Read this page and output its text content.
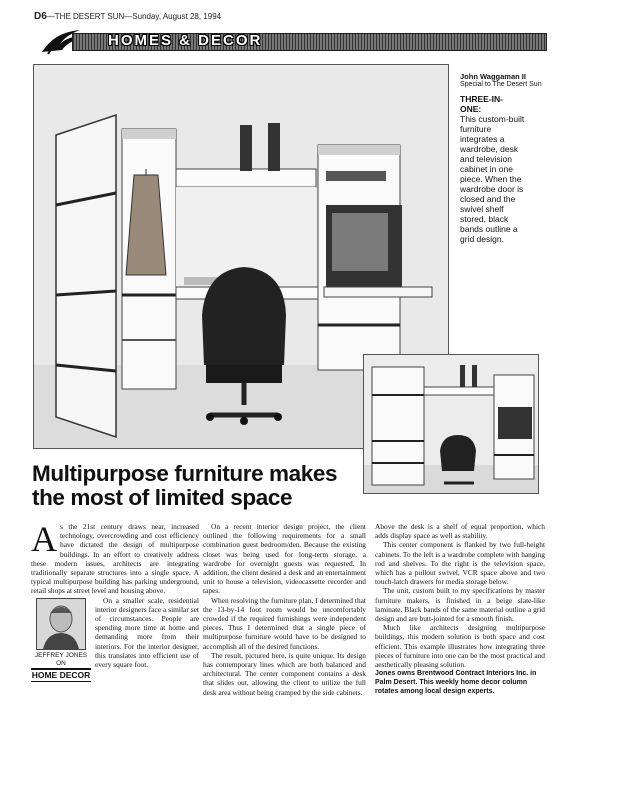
D6—THE DESERT SUN—Sunday, August 28, 1994
HOMES & DECOR
John Waggaman II
Special to The Desert Sun
THREE-IN-ONE:
This custom-built furniture integrates a wardrobe, desk and television cabinet in one piece. When the wardrobe door is closed and the swivel shelf stored, black bands outline a grid design.
Multipurpose furniture makes the most of limited space
A s the 21st century draws near, increased technology, overcrowding and cost efficiency have dictated the design of multipurpose buildings. In an effort to creatively address these modern issues, architects are integrating traditionally separate structures into a single space. A typical multipurpose building has parking underground, retail shops at street level and housing above.

JEFFREY JONES
ON
HOME DECOR

On a smaller scale, residential interior designers face a similar set of circumstances. People are spending more time at home and demanding more from their interiors. For the interior designer, this translates into efficient use of every square foot.

On a recent interior design project, the client outlined the following requirements for a small combination guest bedroom/den. Because the existing closet was being used for long-term storage, a wardrobe for overnight guests was requested. In addition, the client desired a desk and an entertainment unit to house a television, videocassette recorder and tapes.

When resolving the furniture plan, I determined that the 13-by-14 foot room would be uncomfortably crowded if the required furnishings were independent pieces. Thus I determined that a single piece of multipurpose furniture would have to be designed to accomplish all of the desired functions.

The result, pictured here, is quite unique. Its design has contemporary lines which are both balanced and architectural. The center component contains a desk that slides out, allowing the client to utilize the full desk area without being cramped by the side cabinets.

Above the desk is a shelf of equal proportion, which adds display space as well as stability.

This center component is flanked by two full-height cabinets. To the left is a wardrobe complete with hanging rod and shelves. To the right is the television space, which has a pullout swivel, VCR space above and two touch-latch drawers for media storage below.

The unit, custom built to my specifications by master furniture makers, is finished in a beige slate-like laminate. Black bands of the same material outline a grid design and are butt-jointed for a smooth finish.

Much like architects designing multipurpose buildings, this modern solution is both space and cost efficient. This example illustrates how integrating three pieces of furniture into one can be the most practical and aesthetically pleasing solution.

Jones owns Brentwood Contract Interiors Inc. in Palm Desert. This weekly home decor column rotates among local design experts.
